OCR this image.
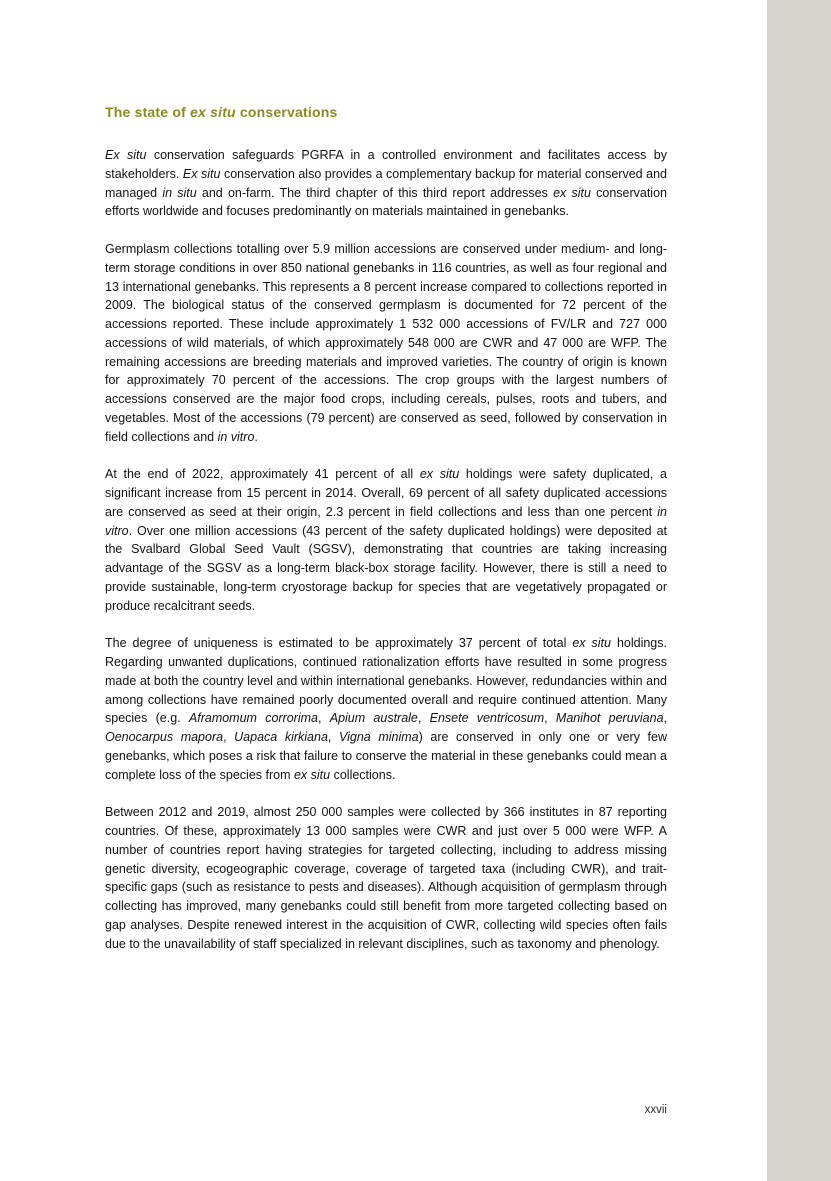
The state of ex situ conservations

Ex situ conservation safeguards PGRFA in a controlled environment and facilitates access by stakeholders. Ex situ conservation also provides a complementary backup for material conserved and managed in situ and on-farm. The third chapter of this third report addresses ex situ conservation efforts worldwide and focuses predominantly on materials maintained in genebanks.

Germplasm collections totalling over 5.9 million accessions are conserved under medium- and long-term storage conditions in over 850 national genebanks in 116 countries, as well as four regional and 13 international genebanks. This represents a 8 percent increase compared to collections reported in 2009. The biological status of the conserved germplasm is documented for 72 percent of the accessions reported. These include approximately 1 532 000 accessions of FV/LR and 727 000 accessions of wild materials, of which approximately 548 000 are CWR and 47 000 are WFP. The remaining accessions are breeding materials and improved varieties. The country of origin is known for approximately 70 percent of the accessions. The crop groups with the largest numbers of accessions conserved are the major food crops, including cereals, pulses, roots and tubers, and vegetables. Most of the accessions (79 percent) are conserved as seed, followed by conservation in field collections and in vitro.

At the end of 2022, approximately 41 percent of all ex situ holdings were safety duplicated, a significant increase from 15 percent in 2014. Overall, 69 percent of all safety duplicated accessions are conserved as seed at their origin, 2.3 percent in field collections and less than one percent in vitro. Over one million accessions (43 percent of the safety duplicated holdings) were deposited at the Svalbard Global Seed Vault (SGSV), demonstrating that countries are taking increasing advantage of the SGSV as a long-term black-box storage facility. However, there is still a need to provide sustainable, long-term cryostorage backup for species that are vegetatively propagated or produce recalcitrant seeds.

The degree of uniqueness is estimated to be approximately 37 percent of total ex situ holdings. Regarding unwanted duplications, continued rationalization efforts have resulted in some progress made at both the country level and within international genebanks. However, redundancies within and among collections have remained poorly documented overall and require continued attention. Many species (e.g. Aframomum corrorima, Apium australe, Ensete ventricosum, Manihot peruviana, Oenocarpus mapora, Uapaca kirkiana, Vigna minima) are conserved in only one or very few genebanks, which poses a risk that failure to conserve the material in these genebanks could mean a complete loss of the species from ex situ collections.

Between 2012 and 2019, almost 250 000 samples were collected by 366 institutes in 87 reporting countries. Of these, approximately 13 000 samples were CWR and just over 5 000 were WFP. A number of countries report having strategies for targeted collecting, including to address missing genetic diversity, ecogeographic coverage, coverage of targeted taxa (including CWR), and trait-specific gaps (such as resistance to pests and diseases). Although acquisition of germplasm through collecting has improved, many genebanks could still benefit from more targeted collecting based on gap analyses. Despite renewed interest in the acquisition of CWR, collecting wild species often fails due to the unavailability of staff specialized in relevant disciplines, such as taxonomy and phenology.

xxvii
